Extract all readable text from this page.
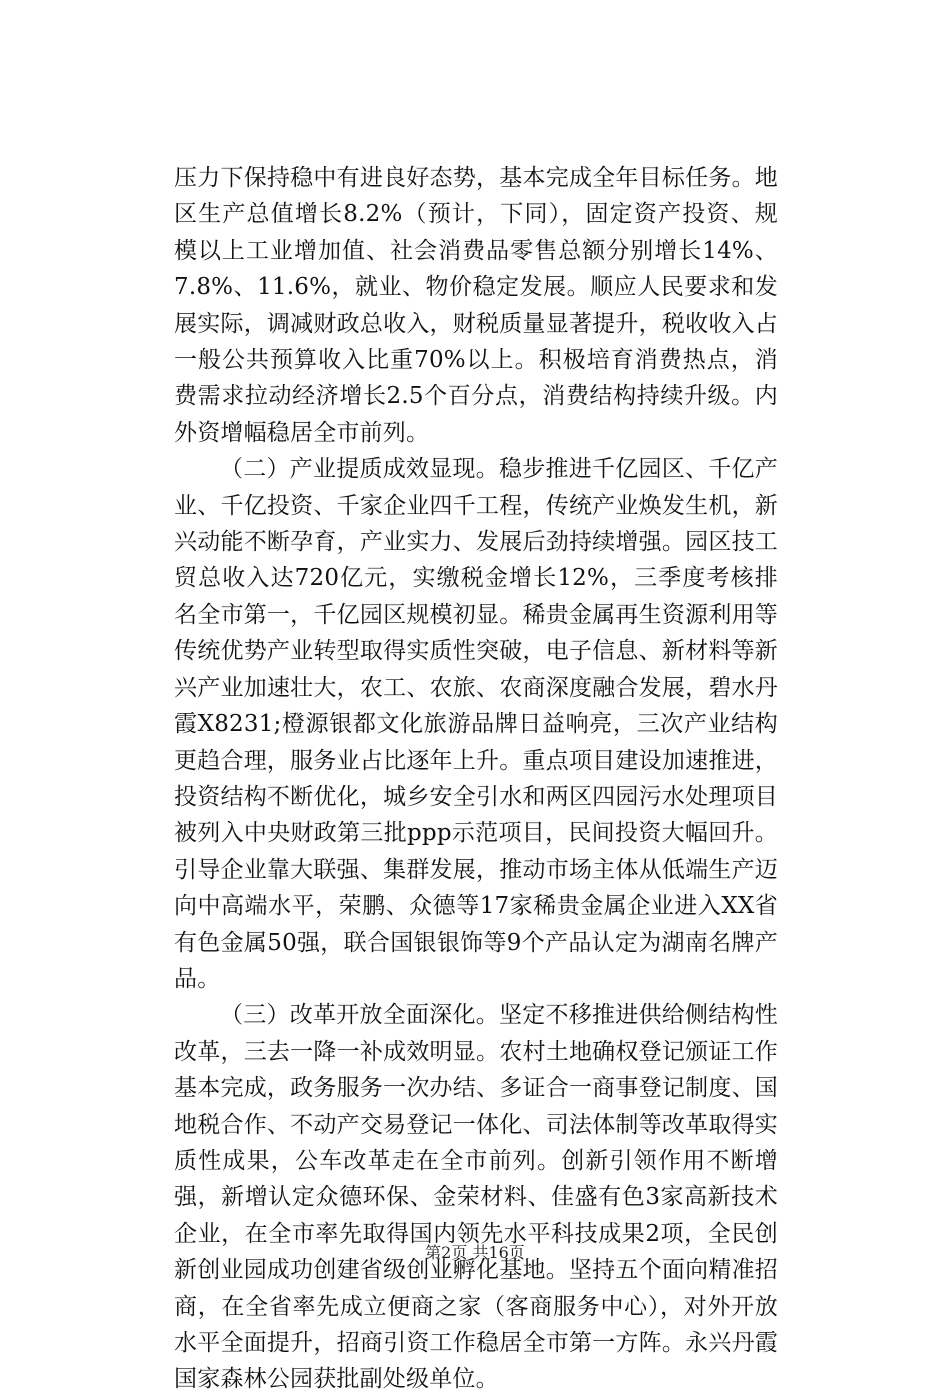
压力下保持稳中有进良好态势，基本完成全年目标任务。地区生产总值增长8.2%（预计，下同），固定资产投资、规模以上工业增加值、社会消费品零售总额分别增长14%、7.8%、11.6%，就业、物价稳定发展。顺应人民要求和发展实际，调减财政总收入，财税质量显著提升，税收收入占一般公共预算收入比重70%以上。积极培育消费热点，消费需求拉动经济增长2.5个百分点，消费结构持续升级。内外资增幅稳居全市前列。

（二）产业提质成效显现。稳步推进千亿园区、千亿产业、千亿投资、千家企业四千工程，传统产业焕发生机，新兴动能不断孕育，产业实力、发展后劲持续增强。园区技工贸总收入达720亿元，实缴税金增长12%，三季度考核排名全市第一，千亿园区规模初显。稀贵金属再生资源利用等传统优势产业转型取得实质性突破，电子信息、新材料等新兴产业加速壮大，农工、农旅、农商深度融合发展，碧水丹霞X8231;橙源银都文化旅游品牌日益响亮，三次产业结构更趋合理，服务业占比逐年上升。重点项目建设加速推进，投资结构不断优化，城乡安全引水和两区四园污水处理项目被列入中央财政第三批ppp示范项目，民间投资大幅回升。引导企业靠大联强、集群发展，推动市场主体从低端生产迈向中高端水平，荣鹏、众德等17家稀贵金属企业进入XX省有色金属50强，联合国银银饰等9个产品认定为湖南名牌产品。

（三）改革开放全面深化。坚定不移推进供给侧结构性改革，三去一降一补成效明显。农村土地确权登记颁证工作基本完成，政务服务一次办结、多证合一商事登记制度、国地税合作、不动产交易登记一体化、司法体制等改革取得实质性成果，公车改革走在全市前列。创新引领作用不断增强，新增认定众德环保、金荣材料、佳盛有色3家高新技术企业，在全市率先取得国内领先水平科技成果2项，全民创新创业园成功创建省级创业孵化基地。坚持五个面向精准招商，在全省率先成立便商之家（客商服务中心），对外开放水平全面提升，招商引资工作稳居全市第一方阵。永兴丹霞国家森林公园获批副处级单位。

第2页 共16页
